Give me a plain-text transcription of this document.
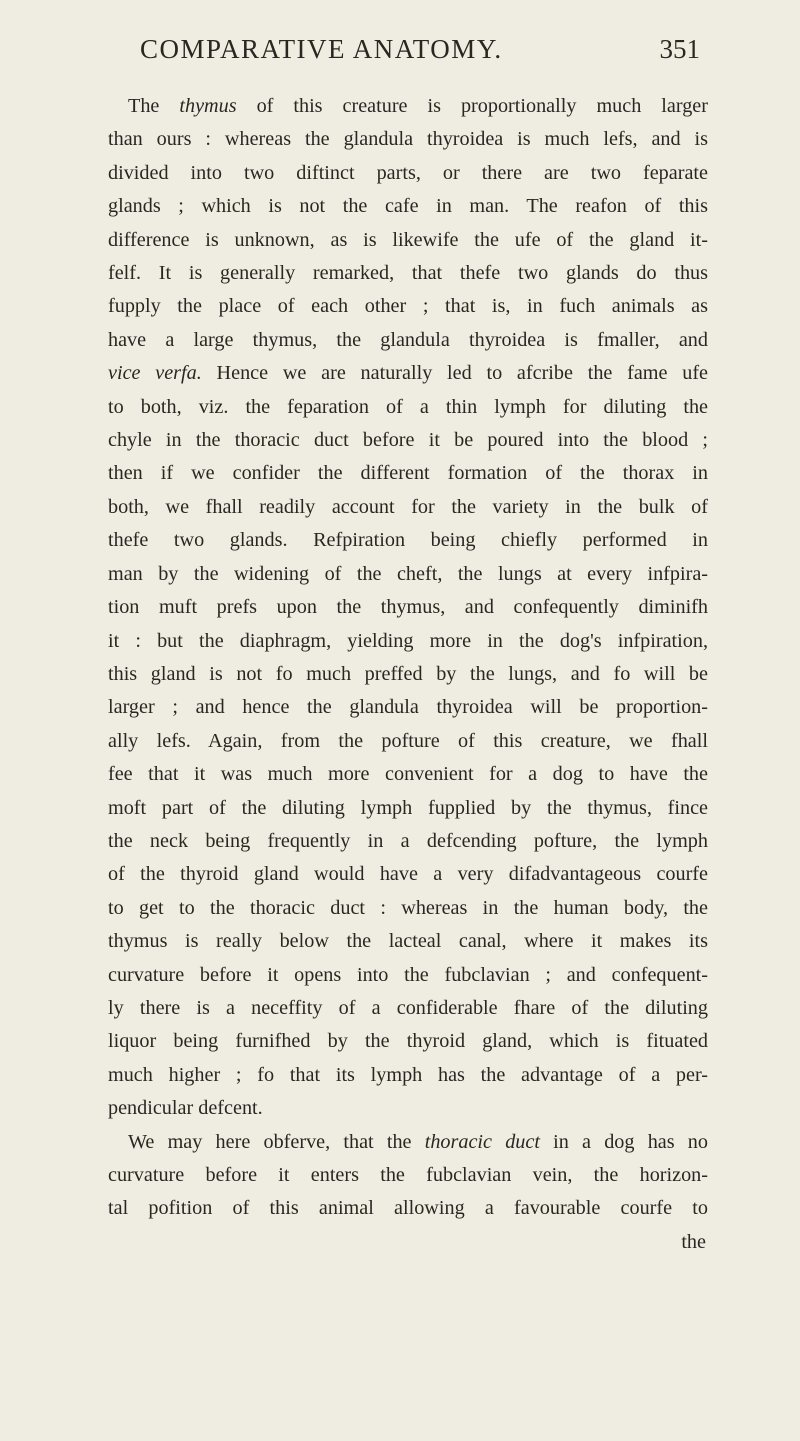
COMPARATIVE ANATOMY.	351

The thymus of this creature is proportionally much larger
than ours : whereas the glandula thyroidea is much lefs, and is
divided into two diftinct parts, or there are two feparate
glands ; which is not the cafe in man. The reafon of this
difference is unknown, as is likewife the ufe of the gland it-
felf. It is generally remarked, that thefe two glands do thus
fupply the place of each other ; that is, in fuch animals as
have a large thymus, the glandula thyroidea is fmaller, and
vice verfa. Hence we are naturally led to afcribe the fame ufe
to both, viz. the feparation of a thin lymph for diluting the
chyle in the thoracic duct before it be poured into the blood ;
then if we confider the different formation of the thorax in
both, we fhall readily account for the variety in the bulk of
thefe two glands. Refpiration being chiefly performed in
man by the widening of the cheft, the lungs at every infpira-
tion muft prefs upon the thymus, and confequently diminifh
it : but the diaphragm, yielding more in the dog's infpiration,
this gland is not fo much preffed by the lungs, and fo will be
larger ; and hence the glandula thyroidea will be proportion-
ally lefs. Again, from the pofture of this creature, we fhall
fee that it was much more convenient for a dog to have the
moft part of the diluting lymph fupplied by the thymus, fince
the neck being frequently in a defcending pofture, the lymph
of the thyroid gland would have a very difadvantageous courfe
to get to the thoracic duct : whereas in the human body, the
thymus is really below the lacteal canal, where it makes its
curvature before it opens into the fubclavian ; and confequent-
ly there is a neceffity of a confiderable fhare of the diluting
liquor being furnifhed by the thyroid gland, which is fituated
much higher ; fo that its lymph has the advantage of a per-
pendicular defcent.

We may here obferve, that the thoracic duct in a dog has no
curvature before it enters the fubclavian vein, the horizon-
tal pofition of this animal allowing a favourable courfe to

the
